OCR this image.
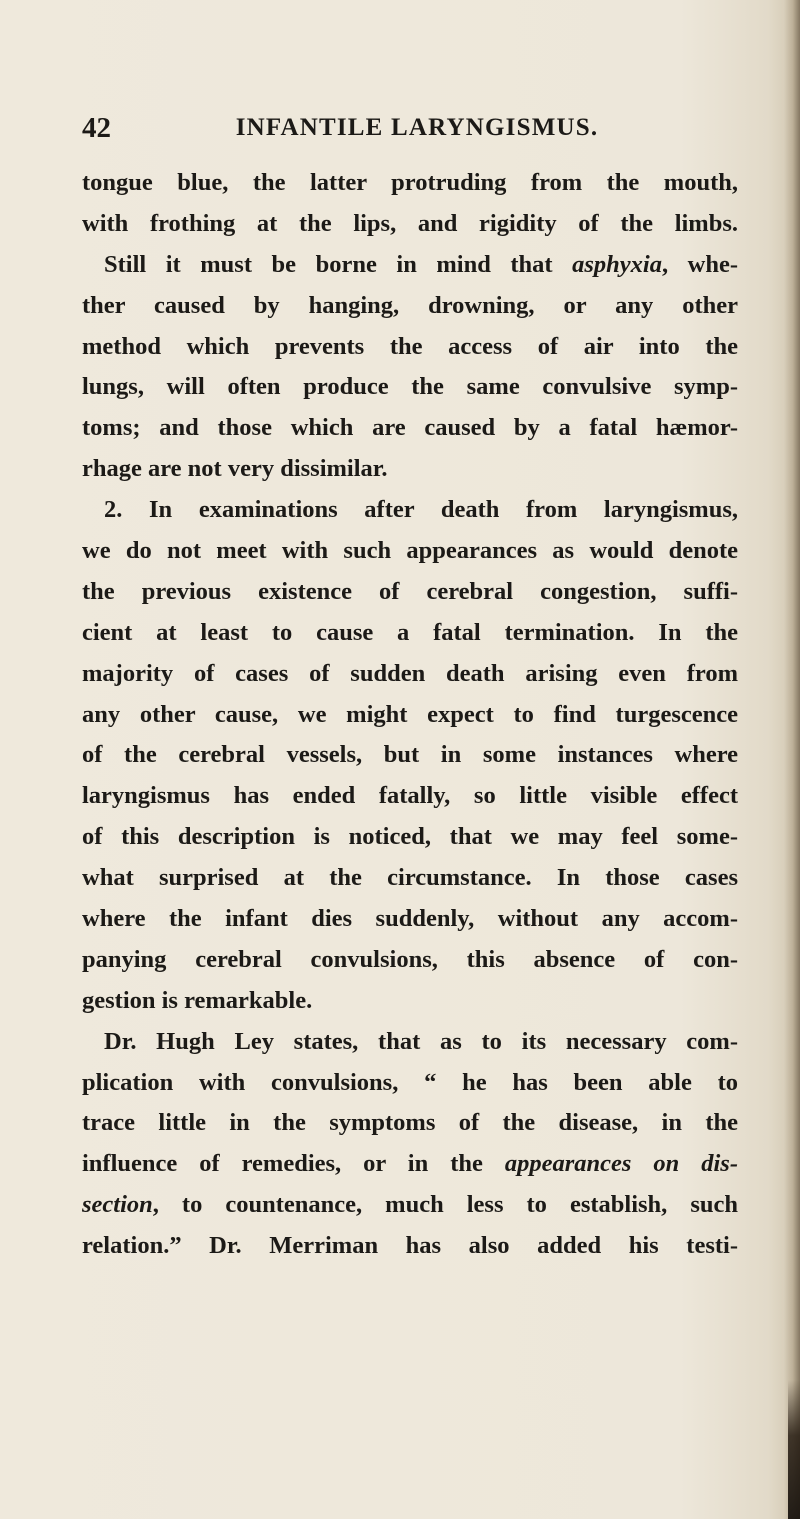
42	INFANTILE LARYNGISMUS.
tongue blue, the latter protruding from the mouth,
with frothing at the lips, and rigidity of the limbs.
Still it must be borne in mind that asphyxia, whe-
ther caused by hanging, drowning, or any other
method which prevents the access of air into the
lungs, will often produce the same convulsive symp-
toms; and those which are caused by a fatal hæmor-
rhage are not very dissimilar.
2. In examinations after death from laryngismus,
we do not meet with such appearances as would denote
the previous existence of cerebral congestion, suffi-
cient at least to cause a fatal termination. In the
majority of cases of sudden death arising even from
any other cause, we might expect to find turgescence
of the cerebral vessels, but in some instances where
laryngismus has ended fatally, so little visible effect
of this description is noticed, that we may feel some-
what surprised at the circumstance. In those cases
where the infant dies suddenly, without any accom-
panying cerebral convulsions, this absence of con-
gestion is remarkable.
Dr. Hugh Ley states, that as to its necessary com-
plication with convulsions, “ he has been able to
trace little in the symptoms of the disease, in the
influence of remedies, or in the appearances on dis-
section, to countenance, much less to establish, such
relation.” Dr. Merriman has also added his testi-
